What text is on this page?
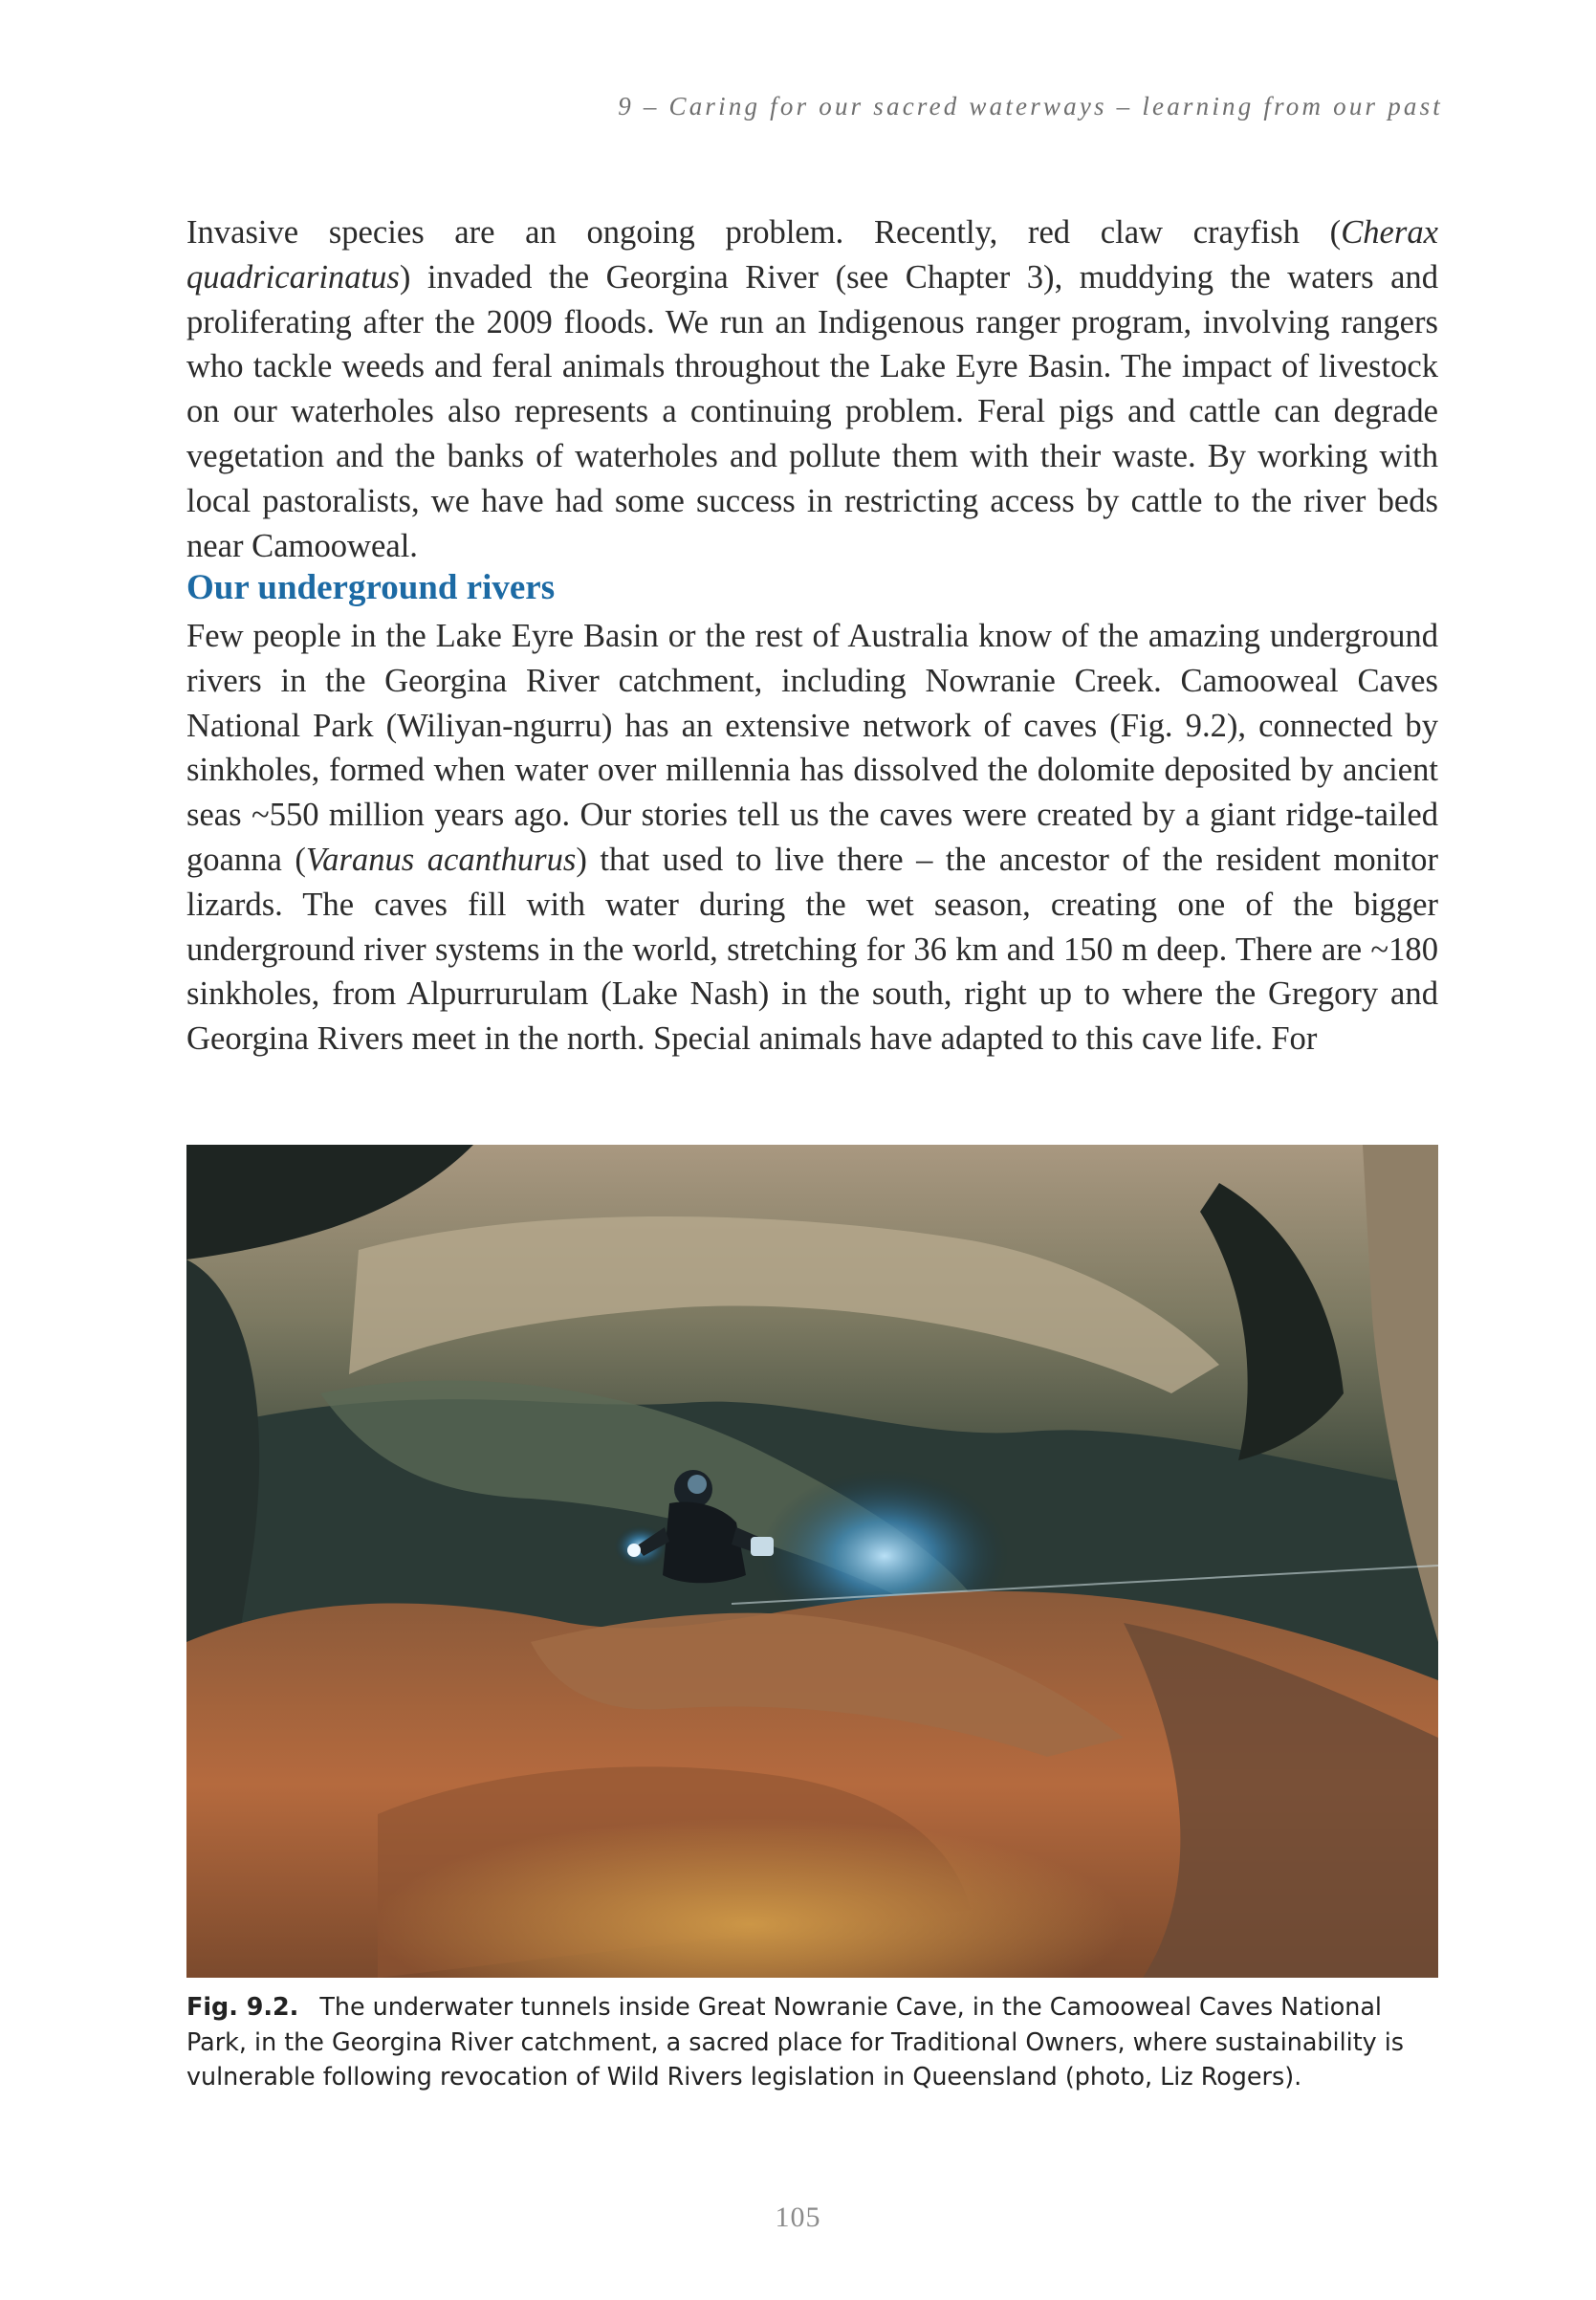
9 – Caring for our sacred waterways – learning from our past

Invasive species are an ongoing problem. Recently, red claw crayfish (Cherax quadricarinatus) invaded the Georgina River (see Chapter 3), muddying the waters and proliferating after the 2009 floods. We run an Indigenous ranger program, involving rangers who tackle weeds and feral animals throughout the Lake Eyre Basin. The impact of livestock on our waterholes also represents a continuing problem. Feral pigs and cattle can degrade vegetation and the banks of waterholes and pollute them with their waste. By working with local pastoralists, we have had some success in restricting access by cattle to the river beds near Camooweal.

Our underground rivers

Few people in the Lake Eyre Basin or the rest of Australia know of the amazing underground rivers in the Georgina River catchment, including Nowranie Creek. Camooweal Caves National Park (Wiliyan-ngurru) has an extensive network of caves (Fig. 9.2), connected by sinkholes, formed when water over millennia has dissolved the dolomite deposited by ancient seas ~550 million years ago. Our stories tell us the caves were created by a giant ridge-tailed goanna (Varanus acanthurus) that used to live there – the ancestor of the resident monitor lizards. The caves fill with water during the wet season, creating one of the bigger underground river systems in the world, stretching for 36 km and 150 m deep. There are ~180 sinkholes, from Alpurrurulam (Lake Nash) in the south, right up to where the Gregory and Georgina Rivers meet in the north. Special animals have adapted to this cave life. For

Fig. 9.2. The underwater tunnels inside Great Nowranie Cave, in the Camooweal Caves National Park, in the Georgina River catchment, a sacred place for Traditional Owners, where sustainability is vulnerable following revocation of Wild Rivers legislation in Queensland (photo, Liz Rogers).
105
